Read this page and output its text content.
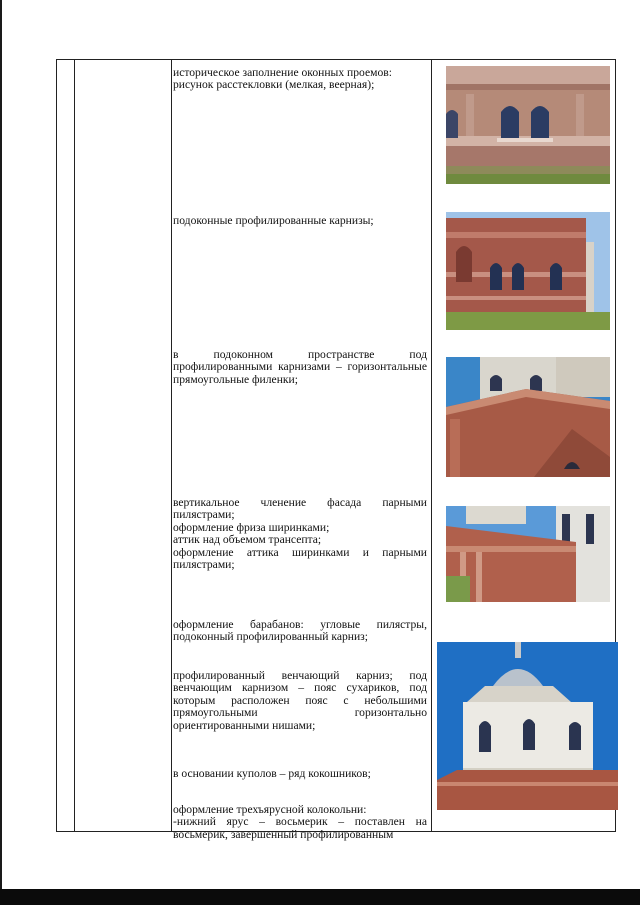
историческое заполнение оконных проемов:

рисунок расстекловки (мелкая, веерная);

подоконные профилированные карнизы;

в подоконном пространстве под профилированными карнизами – горизонтальные прямоугольные филенки;

вертикальное членение фасада парными пилястрами;

оформление фриза ширинками;

аттик над объемом трансепта;

оформление аттика ширинками и парными пилястрами;

оформление барабанов: угловые пилястры, подоконный профилированный карниз;

профилированный венчающий карниз; под венчающим карнизом – пояс сухариков, под которым расположен пояс с небольшими прямоугольными горизонтально ориентированными нишами;

в основании куполов – ряд кокошников;

оформление трехъярусной колокольни:

-нижний ярус – восьмерик – поставлен на восьмерик, завершенный профилированным
